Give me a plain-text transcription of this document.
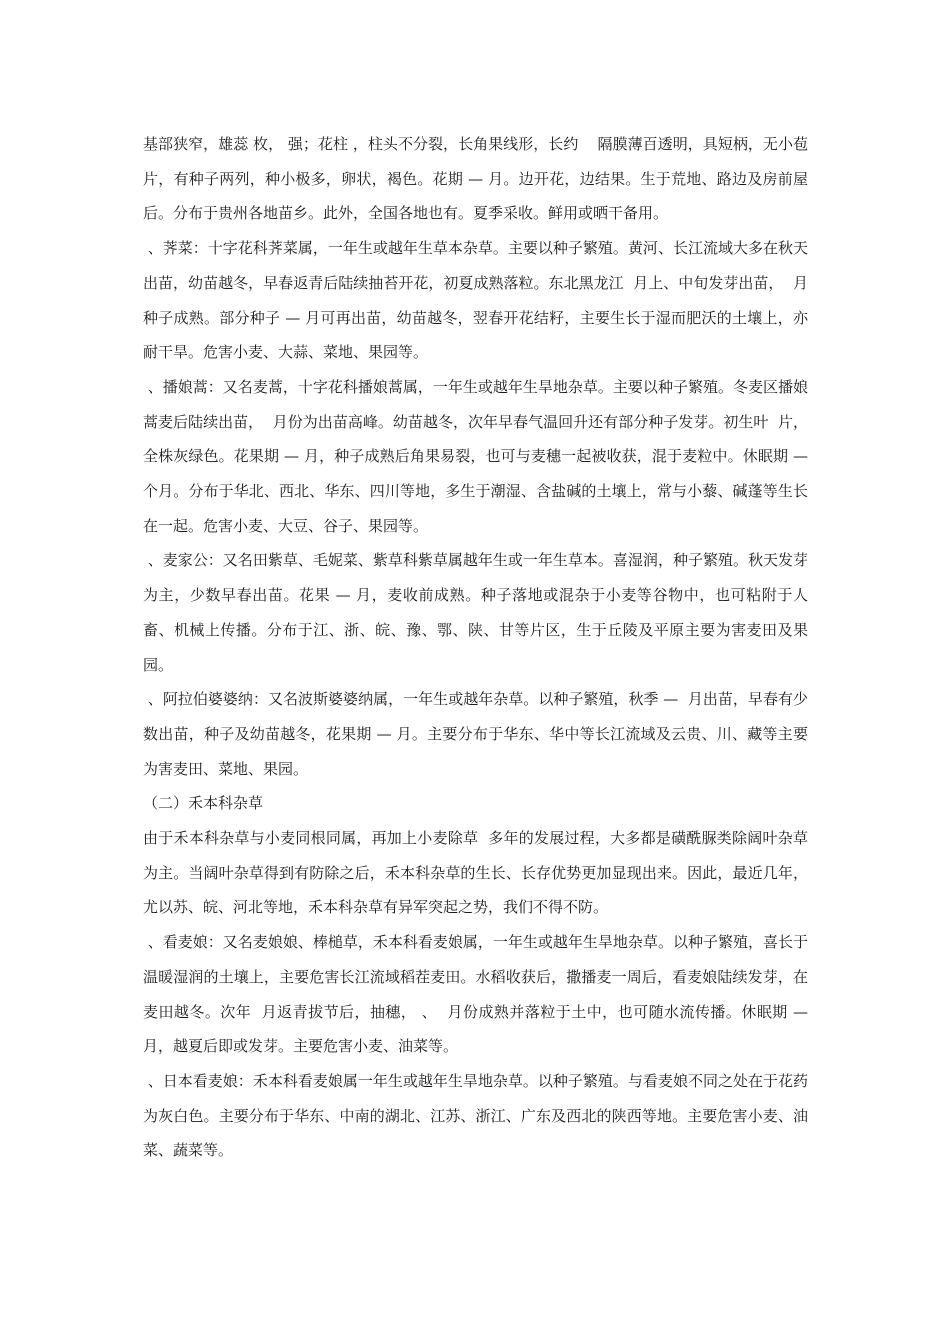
基部狭窄，雄蕊 枚， 强；花柱 ，柱头不分裂，长角果线形，长约    隔膜薄百透明，具短柄，无小苞片，有种子两列，种小极多，卵状，褐色。花期 — 月。边开花，边结果。生于荒地、路边及房前屋后。分布于贵州各地苗乡。此外，全国各地也有。夏季采收。鲜用或晒干备用。

、荠菜：十字花科荠菜属，一年生或越年生草本杂草。主要以种子繁殖。黄河、长江流域大多在秋天出苗，幼苗越冬，早春返青后陆续抽苔开花，初夏成熟落粒。东北黑龙江  月上、中旬发芽出苗，  月种子成熟。部分种子 — 月可再出苗，幼苗越冬，翌春开花结籽，主要生长于湿而肥沃的土壤上，亦耐干旱。危害小麦、大蒜、菜地、果园等。

、播娘蒿：又名麦蒿，十字花科播娘蒿属，一年生或越年生旱地杂草。主要以种子繁殖。冬麦区播娘蒿麦后陆续出苗，  月份为出苗高峰。幼苗越冬，次年早春气温回升还有部分种子发芽。初生叶  片，全株灰绿色。花果期 — 月，种子成熟后角果易裂，也可与麦穗一起被收获，混于麦粒中。休眠期 — 个月。分布于华北、西北、华东、四川等地，多生于潮湿、含盐碱的土壤上，常与小藜、碱蓬等生长在一起。危害小麦、大豆、谷子、果园等。

、麦家公：又名田紫草、毛妮菜、紫草科紫草属越年生或一年生草本。喜湿润，种子繁殖。秋天发芽为主，少数早春出苗。花果 — 月，麦收前成熟。种子落地或混杂于小麦等谷物中，也可粘附于人畜、机械上传播。分布于江、浙、皖、豫、鄂、陕、甘等片区，生于丘陵及平原主要为害麦田及果园。

、阿拉伯婆婆纳：又名波斯婆婆纳属，一年生或越年杂草。以种子繁殖，秋季 —  月出苗，早春有少数出苗，种子及幼苗越冬，花果期 — 月。主要分布于华东、华中等长江流域及云贵、川、藏等主要为害麦田、菜地、果园。

（二）禾本科杂草

由于禾本科杂草与小麦同根同属，再加上小麦除草  多年的发展过程，大多都是磺酰脲类除阔叶杂草为主。当阔叶杂草得到有防除之后，禾本科杂草的生长、长存优势更加显现出来。因此，最近几年，尤以苏、皖、河北等地，禾本科杂草有异军突起之势，我们不得不防。

、看麦娘：又名麦娘娘、棒槌草，禾本科看麦娘属，一年生或越年生旱地杂草。以种子繁殖，喜长于温暖湿润的土壤上，主要危害长江流域稻茬麦田。水稻收获后，撒播麦一周后，看麦娘陆续发芽，在麦田越冬。次年  月返青拔节后，抽穗， 、  月份成熟并落粒于土中，也可随水流传播。休眠期 — 月，越夏后即或发芽。主要危害小麦、油菜等。

、日本看麦娘：禾本科看麦娘属一年生或越年生旱地杂草。以种子繁殖。与看麦娘不同之处在于花药为灰白色。主要分布于华东、中南的湖北、江苏、浙江、广东及西北的陕西等地。主要危害小麦、油菜、蔬菜等。
